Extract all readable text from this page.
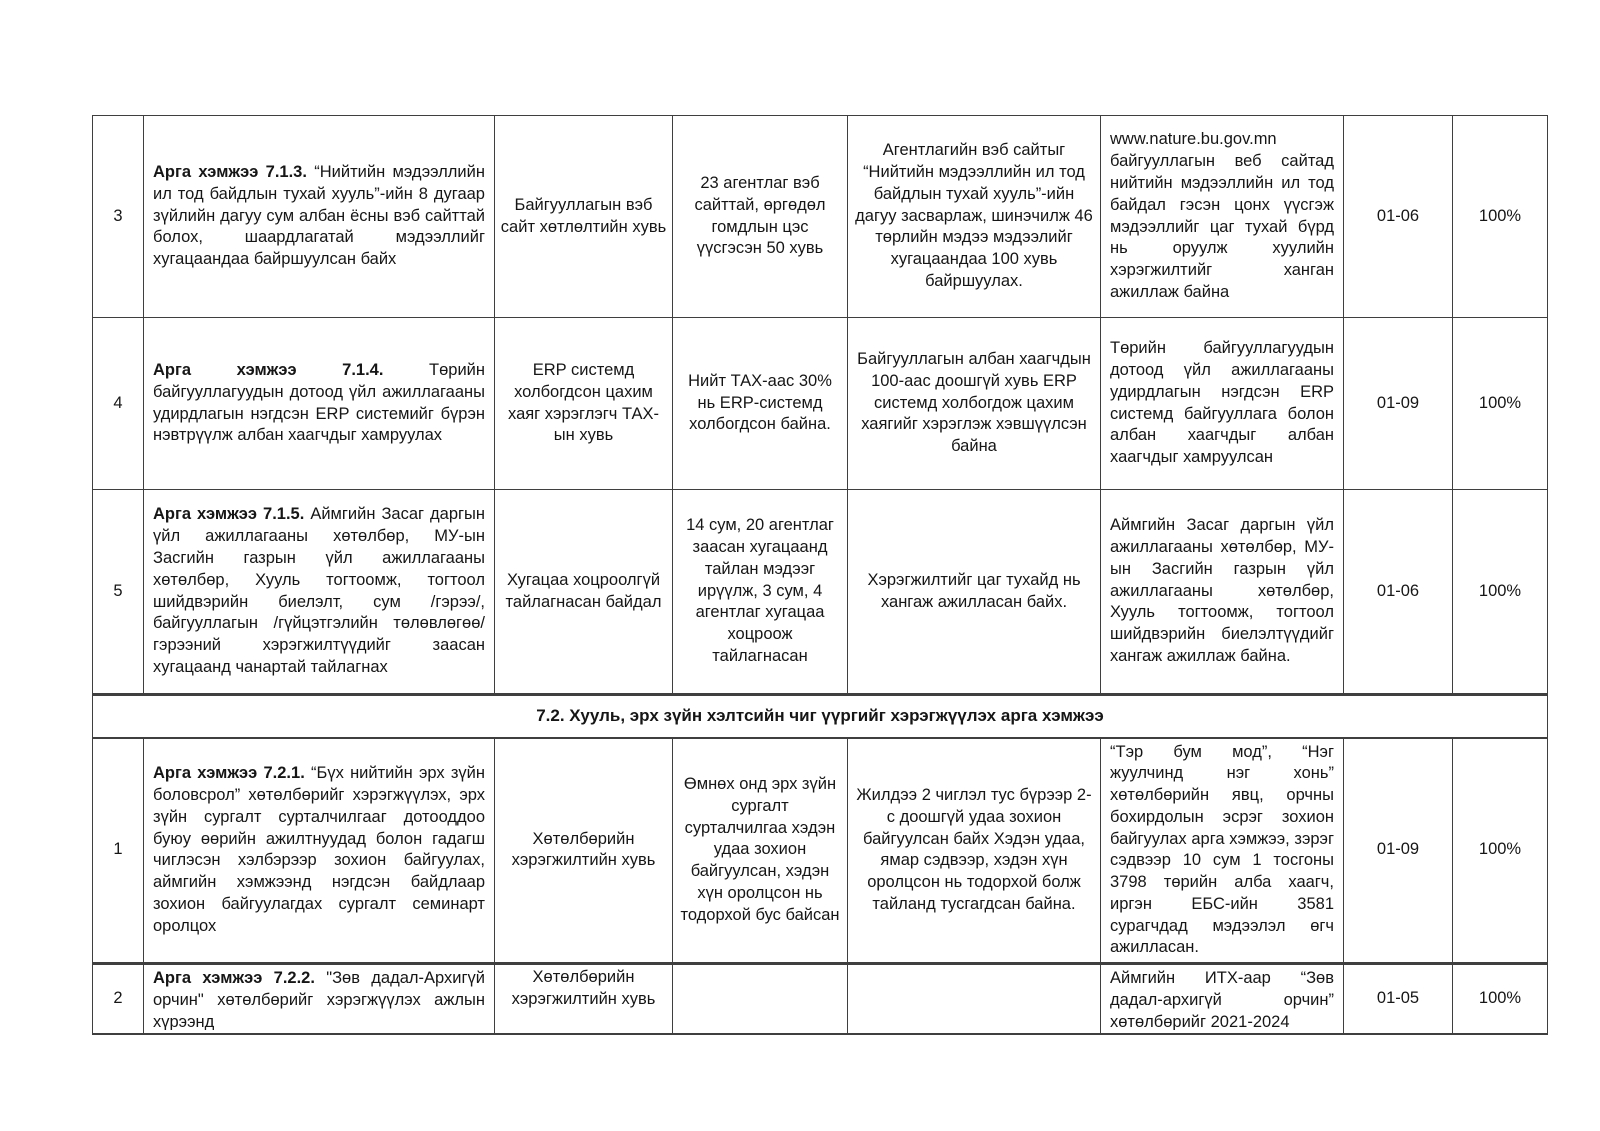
3	Арга хэмжээ 7.1.3. “Нийтийн мэдээллийн ил тод байдлын тухай хууль”-ийн 8 дугаар зүйлийн дагуу сум албан ёсны вэб сайттай болох, шаардлагатай мэдээллийг хугацаандаа байршуулсан байх	Байгууллагын вэб сайт хөтлөлтийн хувь	23 агентлаг вэб сайттай, өргөдөл гомдлын цэс үүсгэсэн 50 хувь	Агентлагийн вэб сайтыг “Нийтийн мэдээллийн ил тод байдлын тухай хууль”-ийн дагуу засварлаж, шинэчилж 46 төрлийн мэдээ мэдээлийг хугацаандаа 100 хувь байршуулах.	www.nature.bu.gov.mn байгууллагын веб сайтад нийтийн мэдээллийн ил тод байдал гэсэн цонх үүсгэж мэдээллийг цаг тухай бүрд нь оруулж хуулийн хэрэгжилтийг ханган ажиллаж байна	01-06	100%
4	Арга хэмжээ 7.1.4. Төрийн байгууллагуудын дотоод үйл ажиллагааны удирдлагын нэгдсэн ERP системийг бүрэн нэвтрүүлж албан хаагчдыг хамруулах	ERP системд холбогдсон цахим хаяг хэрэглэгч ТАХ-ын хувь	Нийт ТАХ-аас 30% нь ERP-системд холбогдсон байна.	Байгууллагын албан хаагчдын 100-аас доошгүй хувь ERP системд холбогдож цахим хаягийг хэрэглэж хэвшүүлсэн байна	Төрийн байгууллагуудын дотоод үйл ажиллагааны удирдлагын нэгдсэн ERP системд байгууллага болон албан хаагчдыг албан хаагчдыг хамруулсан	01-09	100%
5	Арга хэмжээ 7.1.5. Аймгийн Засаг даргын үйл ажиллагааны хөтөлбөр, МУ-ын Засгийн газрын үйл ажиллагааны хөтөлбөр, Хууль тогтоомж, тогтоол шийдвэрийн биелэлт, сум /гэрээ/, байгууллагын /гүйцэтгэлийн төлөвлөгөө/ гэрээний хэрэгжилтүүдийг заасан хугацаанд чанартай тайлагнах	Хугацаа хоцроолгүй тайлагнасан байдал	14 сум, 20 агентлаг заасан хугацаанд тайлан мэдээг ирүүлж, 3 сум, 4 агентлаг хугацаа хоцроож тайлагнасан	Хэрэгжилтийг цаг тухайд нь хангаж ажилласан байх.	Аймгийн Засаг даргын үйл ажиллагааны хөтөлбөр, МУ-ын Засгийн газрын үйл ажиллагааны хөтөлбөр, Хууль тогтоомж, тогтоол шийдвэрийн биелэлтүүдийг хангаж ажиллаж байна.	01-06	100%
7.2. Хууль, эрх зүйн хэлтсийн чиг үүргийг хэрэгжүүлэх арга хэмжээ							
1	Арга хэмжээ 7.2.1. “Бүх нийтийн эрх зүйн боловсрол” хөтөлбөрийг хэрэгжүүлэх, эрх зүйн сургалт сурталчилгааг дотооддоо буюу өөрийн ажилтнуудад болон гадагш чиглэсэн хэлбэрээр зохион байгуулах, аймгийн хэмжээнд нэгдсэн байдлаар зохион байгуулагдах сургалт семинарт оролцох	Хөтөлбөрийн хэрэгжилтийн хувь	Өмнөх онд эрх зүйн сургалт сурталчилгаа хэдэн удаа зохион байгуулсан, хэдэн хүн оролцсон нь тодорхой бус байсан	Жилдээ 2 чиглэл тус бүрээр 2-с доошгүй удаа зохион байгуулсан байх Хэдэн удаа, ямар сэдвээр, хэдэн хүн оролцсон нь тодорхой болж тайланд тусгагдсан байна.	“Тэр бум мод”, “Нэг жуулчинд нэг хонь” хөтөлбөрийн явц, орчны бохирдолын эсрэг зохион байгуулах арга хэмжээ, зэрэг сэдвээр 10 сум 1 тосгоны 3798 төрийн алба хаагч, иргэн ЕБС-ийн 3581 сурагчдад мэдээлэл өгч ажилласан.	01-09	100%
2	Арга хэмжээ 7.2.2. "Зөв дадал-Архигүй орчин" хөтөлбөрийг хэрэгжүүлэх ажлын хүрээнд	Хөтөлбөрийн хэрэгжилтийн хувь			Аймгийн ИТХ-аар “Зөв дадал-архигүй орчин” хөтөлбөрийг 2021-2024	01-05	100%
